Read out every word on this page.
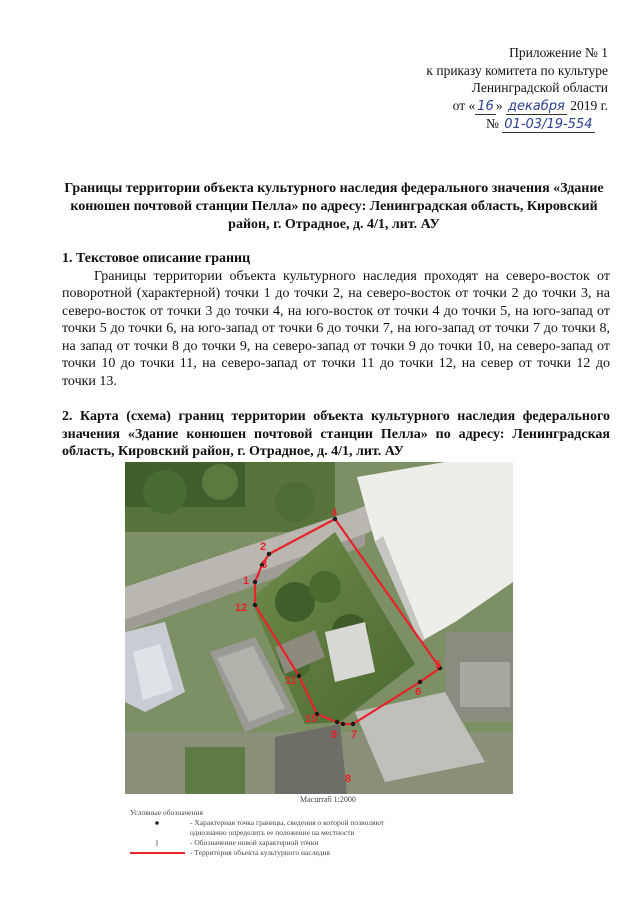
Приложение № 1
к приказу комитета по культуре
Ленинградской области
от « 16 » декабря 2019 г.
№ 01-03/19-554
Границы территории объекта культурного наследия федерального значения «Здание конюшен почтовой станции Пелла» по адресу: Ленинградская область, Кировский район, г. Отрадное, д. 4/1, лит. АУ
1. Текстовое описание границ

Границы территории объекта культурного наследия проходят на северо-восток от поворотной (характерной) точки 1 до точки 2, на северо-восток от точки 2 до точки 3, на северо-восток от точки 3 до точки 4, на юго-восток от точки 4 до точки 5, на юго-запад от точки 5 до точки 6, на юго-запад от точки 6 до точки 7, на юго-запад от точки 7 до точки 8, на запад от точки 8 до точки 9, на северо-запад от точки 9 до точки 10, на северо-запад от точки 10 до точки 11, на северо-запад от точки 11 до точки 12, на север от точки 12 до точки 13.

2. Карта (схема) границ территории объекта культурного наследия федерального значения «Здание конюшен почтовой станции Пелла» по адресу: Ленинградская область, Кировский район, г. Отрадное, д. 4/1, лит. АУ
1
2
3
4
5
6
7
8
9
10
11
12
Масштаб 1:2000
Условные обозначения
- Характерная точка границы, сведения о которой позволяют однозначно определить ее положение на местности
- Обозначение новой характерной точки
- Территория объекта культурного наследия
